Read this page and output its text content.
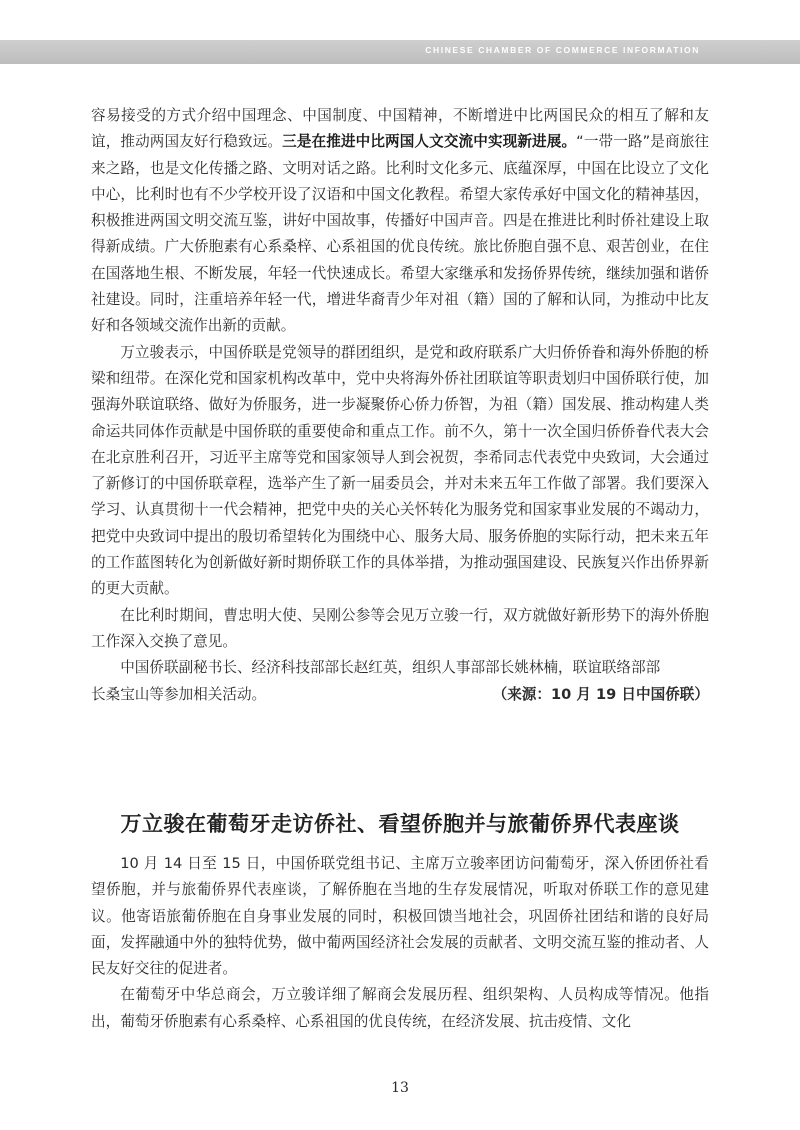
CHINESE CHAMBER OF COMMERCE INFORMATION

容易接受的方式介绍中国理念、中国制度、中国精神，不断增进中比两国民众的相互了解和友谊，推动两国友好行稳致远。三是在推进中比两国人文交流中实现新进展。“一带一路”是商旅往来之路，也是文化传播之路、文明对话之路。比利时文化多元、底蕴深厚，中国在比设立了文化中心，比利时也有不少学校开设了汉语和中国文化教程。希望大家传承好中国文化的精神基因，积极推进两国文明交流互鉴，讲好中国故事，传播好中国声音。四是在推进比利时侨社建设上取得新成绩。广大侨胞素有心系桑梓、心系祖国的优良传统。旅比侨胞自强不息、艰苦创业，在住在国落地生根、不断发展，年轻一代快速成长。希望大家继承和发扬侨界传统，继续加强和谐侨社建设。同时，注重培养年轻一代，增进华裔青少年对祖（籍）国的了解和认同，为推动中比友好和各领域交流作出新的贡献。

万立骏表示，中国侨联是党领导的群团组织，是党和政府联系广大归侨侨眷和海外侨胞的桥梁和纽带。在深化党和国家机构改革中，党中央将海外侨社团联谊等职责划归中国侨联行使，加强海外联谊联络、做好为侨服务，进一步凝聚侨心侨力侨智，为祖（籍）国发展、推动构建人类命运共同体作贡献是中国侨联的重要使命和重点工作。前不久，第十一次全国归侨侨眷代表大会在北京胜利召开，习近平主席等党和国家领导人到会祝贺，李希同志代表党中央致词，大会通过了新修订的中国侨联章程，选举产生了新一届委员会，并对未来五年工作做了部署。我们要深入学习、认真贯彻十一代会精神，把党中央的关心关怀转化为服务党和国家事业发展的不竭动力，把党中央致词中提出的殷切希望转化为围绕中心、服务大局、服务侨胞的实际行动，把未来五年的工作蓝图转化为创新做好新时期侨联工作的具体举措，为推动强国建设、民族复兴作出侨界新的更大贡献。

在比利时期间，曹忠明大使、吴刚公参等会见万立骏一行，双方就做好新形势下的海外侨胞工作深入交换了意见。

中国侨联副秘书长、经济科技部部长赵红英，组织人事部部长姚林楠，联谊联络部部

长桑宝山等参加相关活动。	（来源：10 月 19 日中国侨联）
万立骏在葡萄牙走访侨社、看望侨胞并与旅葡侨界代表座谈

10 月 14 日至 15 日，中国侨联党组书记、主席万立骏率团访问葡萄牙，深入侨团侨社看望侨胞，并与旅葡侨界代表座谈，了解侨胞在当地的生存发展情况，听取对侨联工作的意见建议。他寄语旅葡侨胞在自身事业发展的同时，积极回馈当地社会，巩固侨社团结和谐的良好局面，发挥融通中外的独特优势，做中葡两国经济社会发展的贡献者、文明交流互鉴的推动者、人民友好交往的促进者。

在葡萄牙中华总商会，万立骏详细了解商会发展历程、组织架构、人员构成等情况。他指出，葡萄牙侨胞素有心系桑梓、心系祖国的优良传统，在经济发展、抗击疫情、文化

13
